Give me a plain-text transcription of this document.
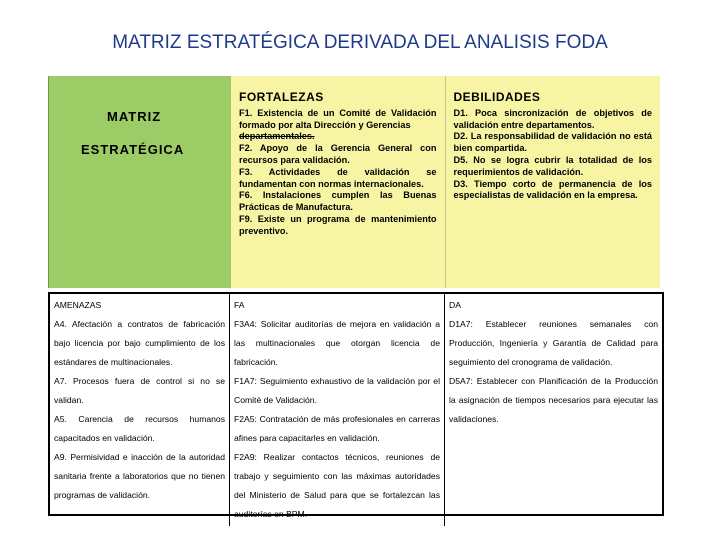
MATRIZ ESTRATÉGICA DERIVADA DEL ANALISIS FODA
MATRIZ
ESTRATÉGICA
FORTALEZAS

F1. Existencia de un Comité de Validación formado por alta Dirección y Gerencias

departamentales.

F2. Apoyo de la Gerencia General con recursos para validación.

F3. Actividades de validación se fundamentan con normas internacionales.

F6. Instalaciones cumplen las Buenas Prácticas de Manufactura.

F9. Existe un programa de mantenimiento preventivo.

DEBILIDADES

D1. Poca sincronización de objetivos de validación entre departamentos.

D2. La responsabilidad de validación no está bien compartida.

D5. No se logra cubrir la totalidad de los requerimientos de validación.

D3. Tiempo corto de permanencia de los especialistas de validación en la empresa.

AMENAZAS

A4. Afectación a contratos de fabricación bajo licencia por bajo cumplimiento de los estándares de multinacionales.

A7. Procesos fuera de control si no se validan.

A5. Carencia de recursos humanos capacitados en validación.

A9. Permisividad e inacción de la autoridad sanitaria frente a laboratorios que no tienen programas de validación.

FA

F3A4: Solicitar auditorías de mejora en validación a las multinacionales que otorgan licencia de fabricación.

F1A7: Seguimiento exhaustivo de la validación por el Comité de Validación.

F2A5: Contratación de más profesionales en carreras afines para capacitarles en validación.

F2A9: Realizar contactos técnicos, reuniones de trabajo y seguimiento con las máximas autoridades del Ministerio de Salud para que se fortalezcan las auditorías en BPM.

DA

D1A7: Establecer reuniones semanales con Producción, Ingeniería y Garantía de Calidad para seguimiento del cronograma de validación.

D5A7: Establecer con Planificación de la Producción la asignación de tiempos necesarios para ejecutar las validaciones.
